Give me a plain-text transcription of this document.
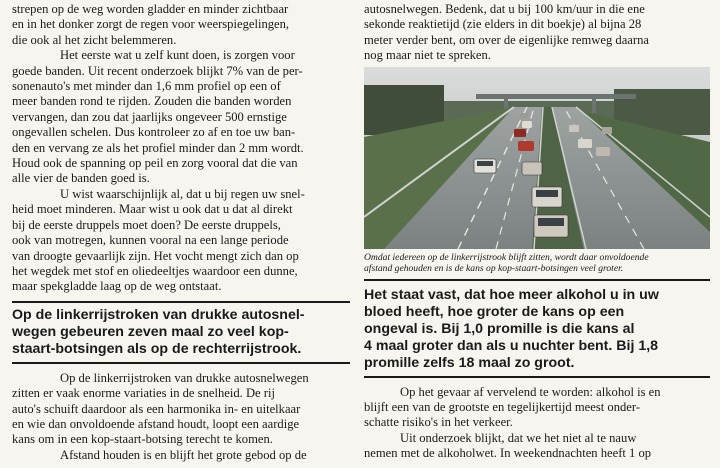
strepen op de weg worden gladder en minder zichtbaar
en in het donker zorgt de regen voor weerspiegelingen,
die ook al het zicht belemmeren.

Het eerste wat u zelf kunt doen, is zorgen voor
goede banden. Uit recent onderzoek blijkt 7% van de per-
sonenauto's met minder dan 1,6 mm profiel op een of
meer banden rond te rijden. Zouden die banden worden
vervangen, dan zou dat jaarlijks ongeveer 500 ernstige
ongevallen schelen. Dus kontroleer zo af en toe uw ban-
den en vervang ze als het profiel minder dan 2 mm wordt.
Houd ook de spanning op peil en zorg vooral dat die van
alle vier de banden goed is.

U wist waarschijnlijk al, dat u bij regen uw snel-
heid moet minderen. Maar wist u ook dat u dat al direkt
bij de eerste druppels moet doen? De eerste druppels,
ook van motregen, kunnen vooral na een lange periode
van droogte gevaarlijk zijn. Het vocht mengt zich dan op
het wegdek met stof en oliedeeltjes waardoor een dunne,
maar spekgladde laag op de weg ontstaat.

Op de linkerrijstroken van drukke autosnel-
wegen gebeuren zeven maal zo veel kop-
staart-botsingen als op de rechterrijstrook.

Op de linkerrijstroken van drukke autosnelwegen
zitten er vaak enorme variaties in de snelheid. De rij
auto's schuift daardoor als een harmonika in- en uitelkaar
en wie dan onvoldoende afstand houdt, loopt een aardige
kans om in een kop-staart-botsing terecht te komen.

Afstand houden is en blijft het grote gebod op de

autosnelwegen. Bedenk, dat u bij 100 km/uur in die ene
sekonde reaktietijd (zie elders in dit boekje) al bijna 28
meter verder bent, om over de eigenlijke remweg daarna
nog maar niet te spreken.

Omdat iedereen op de linkerrijstrook blijft zitten, wordt daar onvoldoende
afstand gehouden en is de kans op kop-staart-botsingen veel groter.

Het staat vast, dat hoe meer alkohol u in uw
bloed heeft, hoe groter de kans op een
ongeval is. Bij 1,0 promille is die kans al
4 maal groter dan als u nuchter bent. Bij 1,8
promille zelfs 18 maal zo groot.

Op het gevaar af vervelend te worden: alkohol is en
blijft een van de grootste en tegelijkertijd meest onder-
schatte risiko's in het verkeer.

Uit onderzoek blijkt, dat we het niet al te nauw
nemen met de alkoholwet. In weekendnachten heeft 1 op
